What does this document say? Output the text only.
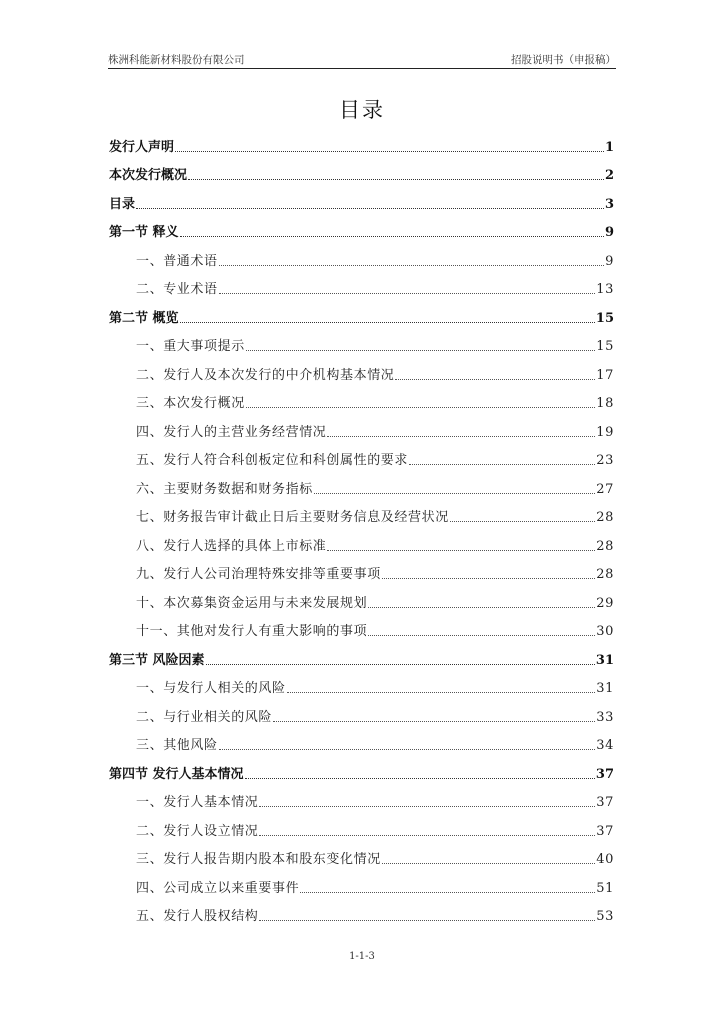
株洲科能新材料股份有限公司	招股说明书（申报稿）
目录
发行人声明	1
本次发行概况	2
目录	3
第一节 释义	9
一、普通术语	9
二、专业术语	13
第二节 概览	15
一、重大事项提示	15
二、发行人及本次发行的中介机构基本情况	17
三、本次发行概况	18
四、发行人的主营业务经营情况	19
五、发行人符合科创板定位和科创属性的要求	23
六、主要财务数据和财务指标	27
七、财务报告审计截止日后主要财务信息及经营状况	28
八、发行人选择的具体上市标准	28
九、发行人公司治理特殊安排等重要事项	28
十、本次募集资金运用与未来发展规划	29
十一、其他对发行人有重大影响的事项	30
第三节 风险因素	31
一、与发行人相关的风险	31
二、与行业相关的风险	33
三、其他风险	34
第四节 发行人基本情况	37
一、发行人基本情况	37
二、发行人设立情况	37
三、发行人报告期内股本和股东变化情况	40
四、公司成立以来重要事件	51
五、发行人股权结构	53
1-1-3
